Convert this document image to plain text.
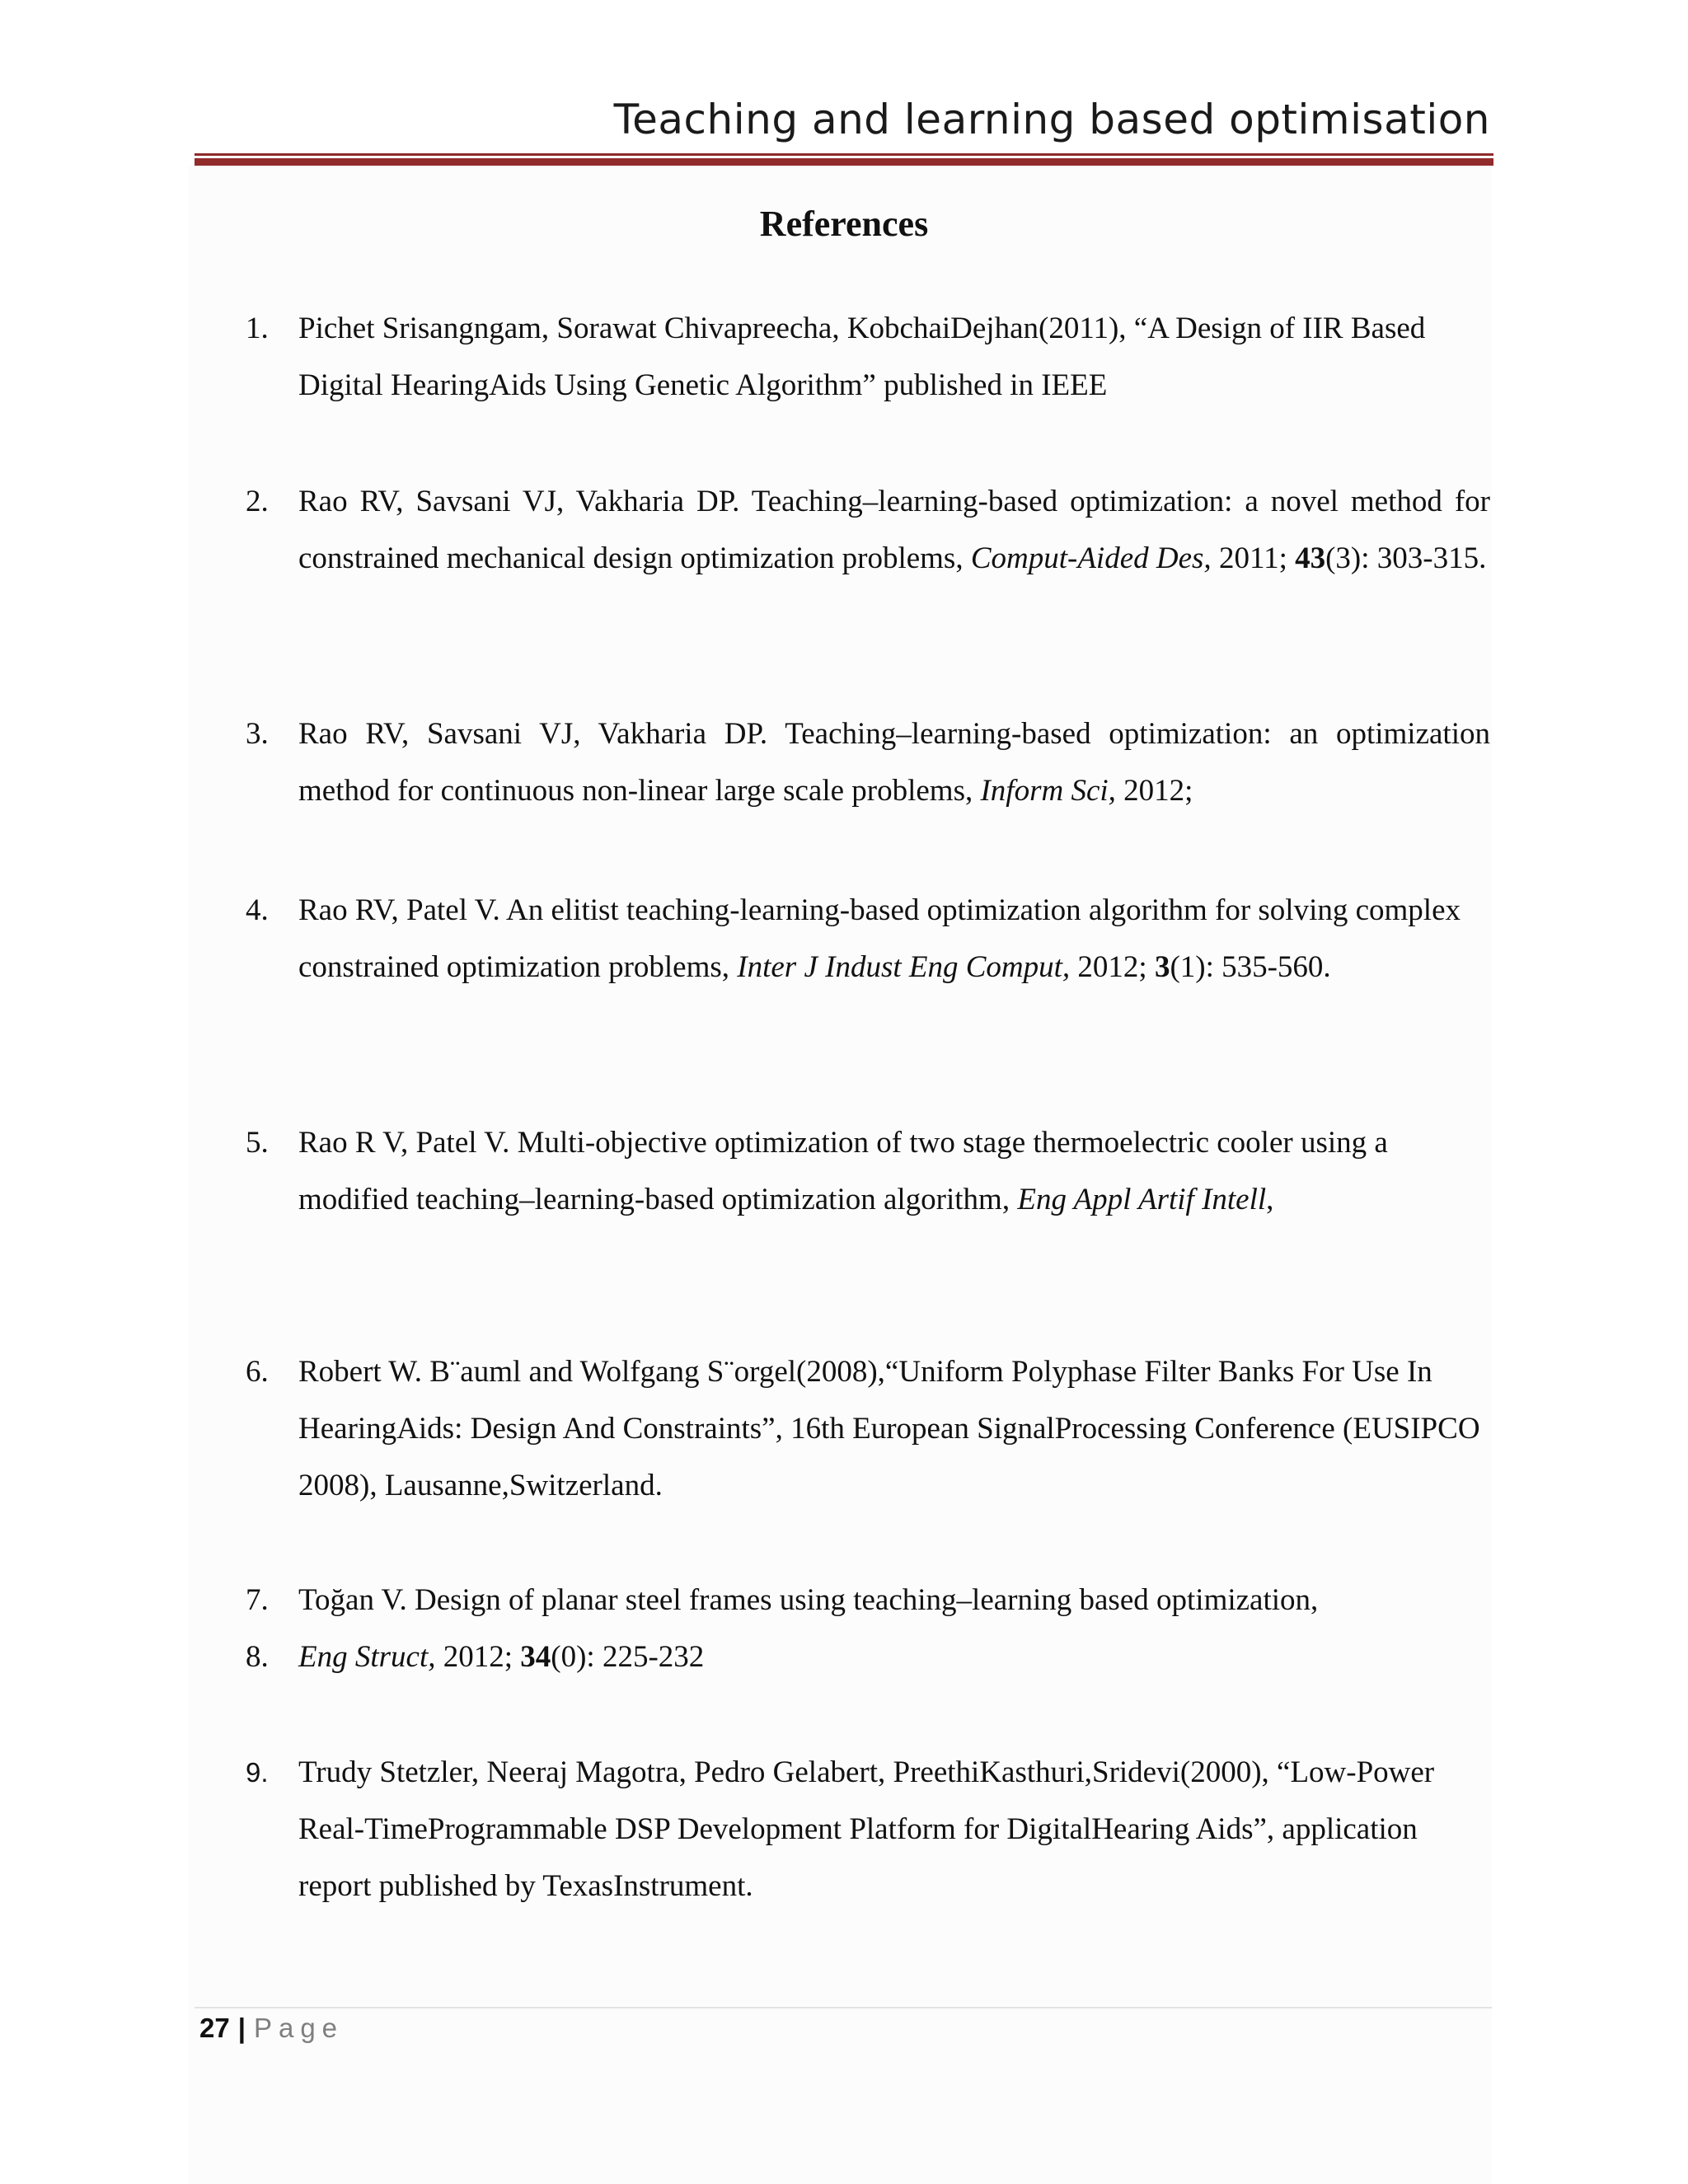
Teaching and learning based optimisation
References
1. Pichet Srisangngam, Sorawat Chivapreecha, KobchaiDejhan(2011), “A Design of IIR Based Digital HearingAids Using Genetic Algorithm” published in IEEE
2. Rao RV, Savsani VJ, Vakharia DP. Teaching–learning-based optimization: a novel method for constrained mechanical design optimization problems, Comput-Aided Des, 2011; 43(3): 303-315.
3. Rao RV, Savsani VJ, Vakharia DP. Teaching–learning-based optimization: an optimization method for continuous non-linear large scale problems, Inform Sci, 2012;
4. Rao RV, Patel V. An elitist teaching-learning-based optimization algorithm for solving complex constrained optimization problems, Inter J Indust Eng Comput, 2012; 3(1): 535-560.
5. Rao R V, Patel V. Multi-objective optimization of two stage thermoelectric cooler using a modified teaching–learning-based optimization algorithm, Eng Appl Artif Intell,
6. Robert W. B¨auml and Wolfgang S¨orgel(2008),“Uniform Polyphase Filter Banks For Use In HearingAids: Design And Constraints”, 16th European SignalProcessing Conference (EUSIPCO 2008), Lausanne,Switzerland.
7. Toğan V. Design of planar steel frames using teaching–learning based optimization,
8. Eng Struct, 2012; 34(0): 225-232
9. Trudy Stetzler, Neeraj Magotra, Pedro Gelabert, PreethiKasthuri,Sridevi(2000), “Low-Power Real-TimeProgrammable DSP Development Platform for DigitalHearing Aids”, application report published by TexasInstrument.
27 | Page
